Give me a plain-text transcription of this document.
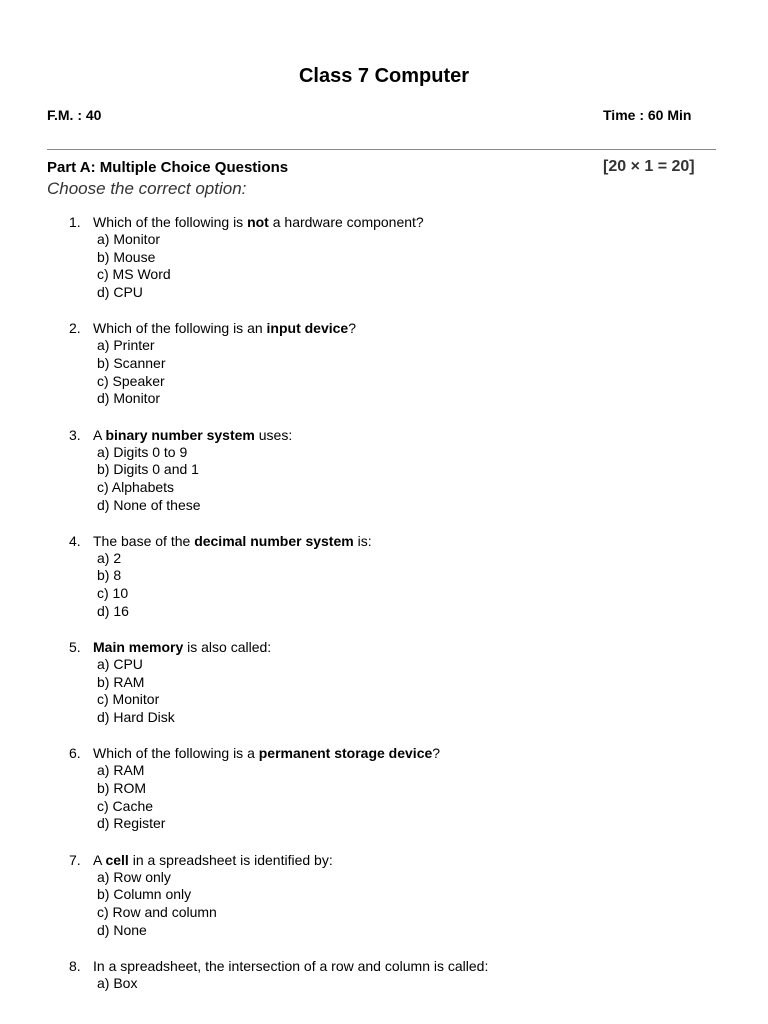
Class 7 Computer
F.M. : 40	Time : 60 Min
Part A: Multiple Choice Questions	[20 × 1 = 20]
Choose the correct option:
1. Which of the following is not a hardware component?
a) Monitor
b) Mouse
c) MS Word
d) CPU
2. Which of the following is an input device?
a) Printer
b) Scanner
c) Speaker
d) Monitor
3. A binary number system uses:
a) Digits 0 to 9
b) Digits 0 and 1
c) Alphabets
d) None of these
4. The base of the decimal number system is:
a) 2
b) 8
c) 10
d) 16
5. Main memory is also called:
a) CPU
b) RAM
c) Monitor
d) Hard Disk
6. Which of the following is a permanent storage device?
a) RAM
b) ROM
c) Cache
d) Register
7. A cell in a spreadsheet is identified by:
a) Row only
b) Column only
c) Row and column
d) None
8. In a spreadsheet, the intersection of a row and column is called:
a) Box
